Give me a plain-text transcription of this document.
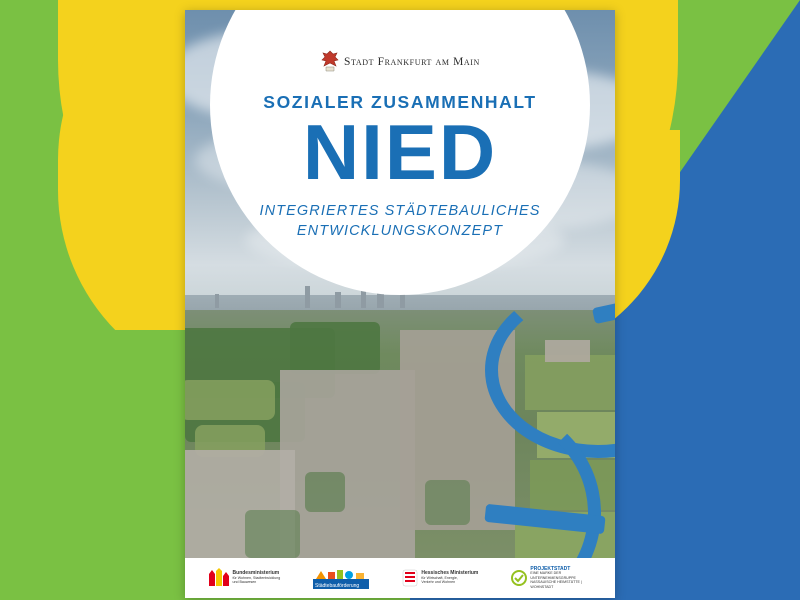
Stadt Frankfurt am Main
SOZIALER ZUSAMMENHALT
NIED
INTEGRIERTES STÄDTEBAULICHES
ENTWICKLUNGSKONZEPT
Bundesministerium
für Wohnen, Stadtentwicklung
und Bauwesen
Städtebauförderung
Hessisches Ministerium
für Wirtschaft, Energie,
Verkehr und Wohnen
PROJEKTSTADT
EINE MARKE DER UNTERNEHMENSGRUPPE
NASSAUISCHE HEIMSTÄTTE | WOHNSTADT
